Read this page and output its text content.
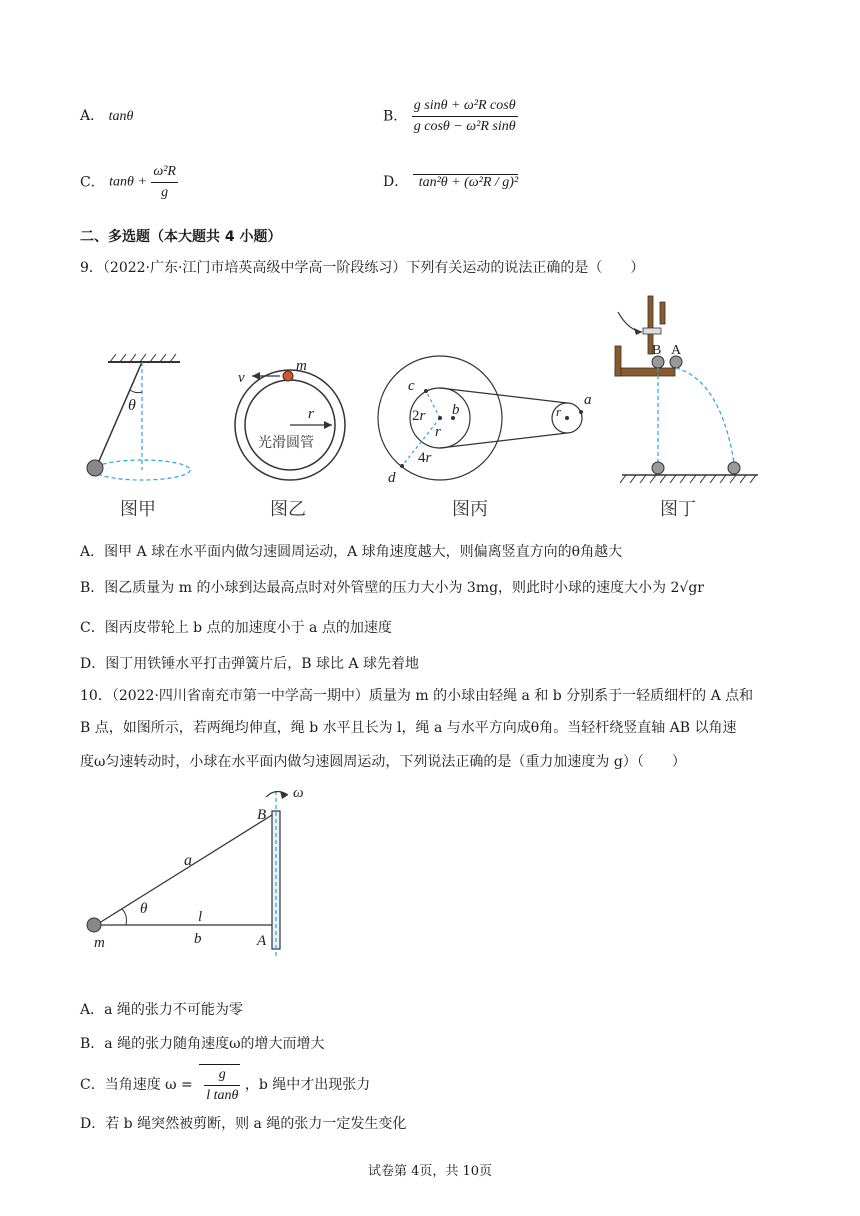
A． tanθ	B． $\frac{\text{g sinθ + ω²R cosθ}}{\text{g cosθ − ω²R sinθ}}$
C． $\tan\theta + \frac{\text{ω²R}}{g}$	D． tan²θ + (ω²R / g)²
二、多选题（本大题共 4 小题）
9．（2022·广东·江门市培英高级中学高一阶段练习）下列有关运动的说法正确的是（　　）
θ
图甲
v
m
r
光滑圆管
图乙
c
2r b
r
4r
d
r
a
图丙
B A
图丁
A．图甲 A 球在水平面内做匀速圆周运动，A 球角速度越大，则偏离竖直方向的θ角越大
B．图乙质量为 m 的小球到达最高点时对外管壁的压力大小为 3mg，则此时小球的速度大小为 2√gr
C．图丙皮带轮上 b 点的加速度小于 a 点的加速度
D．图丁用铁锤水平打击弹簧片后，B 球比 A 球先着地
10．（2022·四川省南充市第一中学高一期中）质量为 m 的小球由轻绳 a 和 b 分别系于一轻质细杆的 A 点和
B 点，如图所示，若两绳均伸直，绳 b 水平且长为 l，绳 a 与水平方向成θ角。当轻杆绕竖直轴 AB 以角速
度ω匀速转动时，小球在水平面内做匀速圆周运动，下列说法正确的是（重力加速度为 g）（　　）
ω
θ
a
l
b
m
B
A
A．a 绳的张力不可能为零
B．a 绳的张力随角速度ω的增大而增大
C．当角速度 $\omega = \frac{g}{\text{l tanθ}}$ ，b 绳中才出现张力
D．若 b 绳突然被剪断，则 a 绳的张力一定发生变化
试卷第 4页，共 10页
